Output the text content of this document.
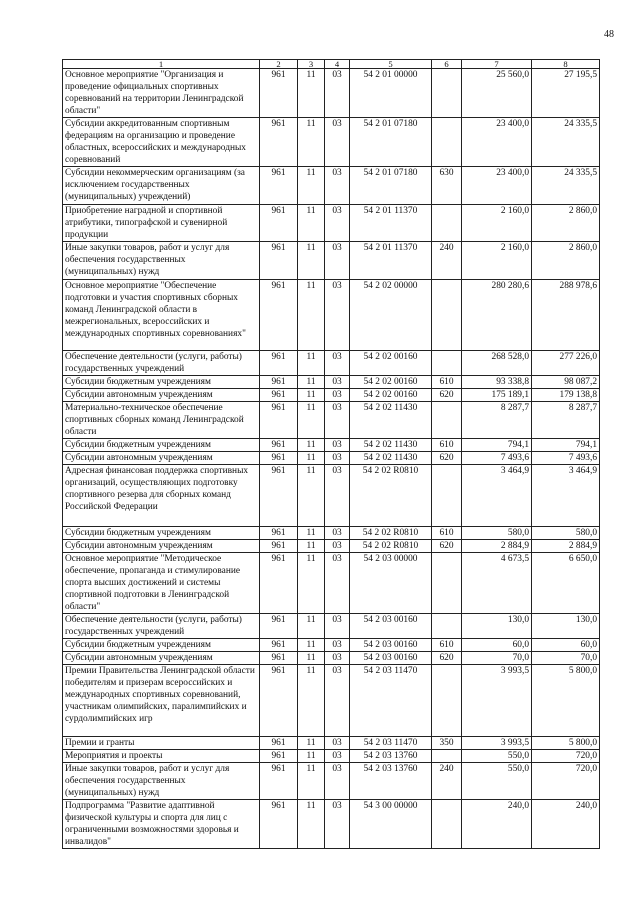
48
1	2	3	4	5	6	7	8
Основное мероприятие "Организация и проведение официальных спортивных соревнований на территории Ленинградской области"	961	11	03	54 2 01 00000		25 560,0	27 195,5
Субсидии аккредитованным спортивным федерациям на организацию и проведение областных, всероссийских и международных соревнований	961	11	03	54 2 01 07180		23 400,0	24 335,5
Субсидии некоммерческим организациям (за исключением государственных (муниципальных) учреждений)	961	11	03	54 2 01 07180	630	23 400,0	24 335,5
Приобретение наградной и спортивной атрибутики, типографской и сувенирной продукции	961	11	03	54 2 01 11370		2 160,0	2 860,0
Иные закупки товаров, работ и услуг для обеспечения государственных (муниципальных) нужд	961	11	03	54 2 01 11370	240	2 160,0	2 860,0
Основное мероприятие "Обеспечение подготовки и участия спортивных сборных команд Ленинградской области в межрегиональных, всероссийских и международных спортивных соревнованиях"	961	11	03	54 2 02 00000		280 280,6	288 978,6
Обеспечение деятельности (услуги, работы) государственных учреждений	961	11	03	54 2 02 00160		268 528,0	277 226,0
Субсидии бюджетным учреждениям	961	11	03	54 2 02 00160	610	93 338,8	98 087,2
Субсидии автономным учреждениям	961	11	03	54 2 02 00160	620	175 189,1	179 138,8
Материально-техническое обеспечение спортивных сборных команд Ленинградской области	961	11	03	54 2 02 11430		8 287,7	8 287,7
Субсидии бюджетным учреждениям	961	11	03	54 2 02 11430	610	794,1	794,1
Субсидии автономным учреждениям	961	11	03	54 2 02 11430	620	7 493,6	7 493,6
Адресная финансовая поддержка спортивных организаций, осуществляющих подготовку спортивного резерва для сборных команд Российской Федерации	961	11	03	54 2 02 R0810		3 464,9	3 464,9
Субсидии бюджетным учреждениям	961	11	03	54 2 02 R0810	610	580,0	580,0
Субсидии автономным учреждениям	961	11	03	54 2 02 R0810	620	2 884,9	2 884,9
Основное мероприятие "Методическое обеспечение, пропаганда и стимулирование спорта высших достижений и системы спортивной подготовки в Ленинградской области"	961	11	03	54 2 03 00000		4 673,5	6 650,0
Обеспечение деятельности (услуги, работы) государственных учреждений	961	11	03	54 2 03 00160		130,0	130,0
Субсидии бюджетным учреждениям	961	11	03	54 2 03 00160	610	60,0	60,0
Субсидии автономным учреждениям	961	11	03	54 2 03 00160	620	70,0	70,0
Премии Правительства Ленинградской области победителям и призерам всероссийских и международных спортивных соревнований, участникам олимпийских, паралимпийских и сурдолимпийских игр	961	11	03	54 2 03 11470		3 993,5	5 800,0
Премии и гранты	961	11	03	54 2 03 11470	350	3 993,5	5 800,0
Мероприятия и проекты	961	11	03	54 2 03 13760		550,0	720,0
Иные закупки товаров, работ и услуг для обеспечения государственных (муниципальных) нужд	961	11	03	54 2 03 13760	240	550,0	720,0
Подпрограмма "Развитие адаптивной физической культуры и спорта для лиц с ограниченными возможностями здоровья и инвалидов"	961	11	03	54 3 00 00000		240,0	240,0
